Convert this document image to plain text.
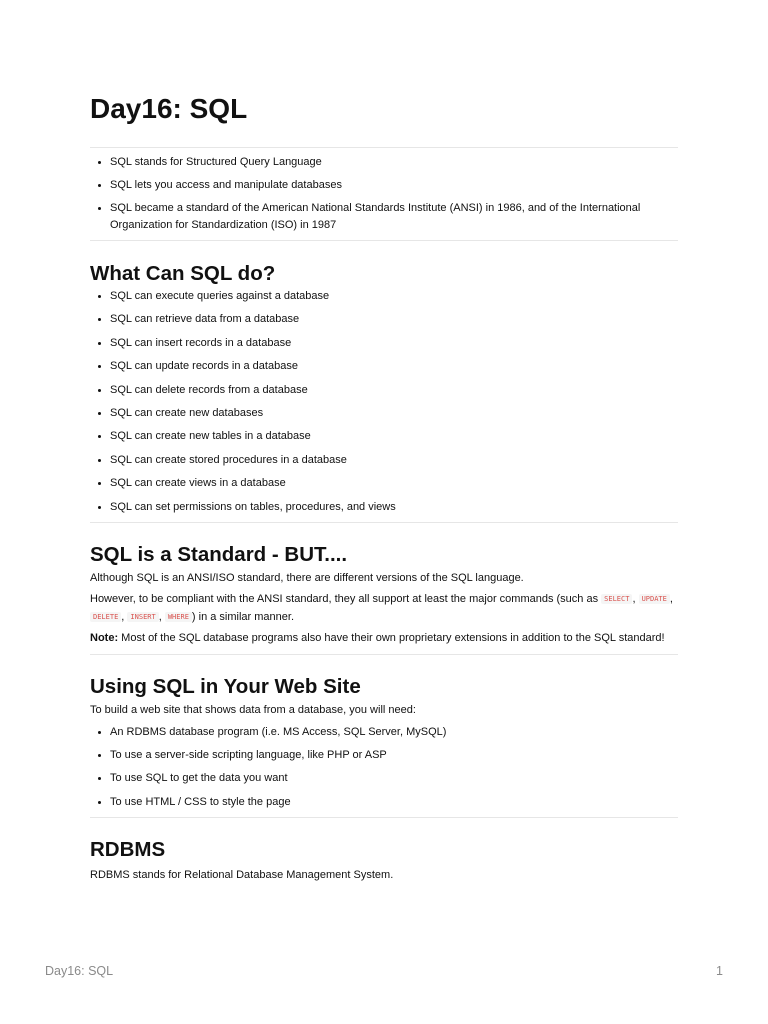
Day16: SQL
• SQL stands for Structured Query Language
• SQL lets you access and manipulate databases
• SQL became a standard of the American National Standards Institute (ANSI) in 1986, and of the International Organization for Standardization (ISO) in 1987
What Can SQL do?
• SQL can execute queries against a database
• SQL can retrieve data from a database
• SQL can insert records in a database
• SQL can update records in a database
• SQL can delete records from a database
• SQL can create new databases
• SQL can create new tables in a database
• SQL can create stored procedures in a database
• SQL can create views in a database
• SQL can set permissions on tables, procedures, and views
SQL is a Standard - BUT....

Although SQL is an ANSI/ISO standard, there are different versions of the SQL language.

However, to be compliant with the ANSI standard, they all support at least the major commands (such as SELECT , UPDATE , DELETE , INSERT , WHERE ) in a similar manner.

Note: Most of the SQL database programs also have their own proprietary extensions in addition to the SQL standard!

Using SQL in Your Web Site

To build a web site that shows data from a database, you will need:

• An RDBMS database program (i.e. MS Access, SQL Server, MySQL)
• To use a server-side scripting language, like PHP or ASP
• To use SQL to get the data you want
• To use HTML / CSS to style the page
RDBMS

RDBMS stands for Relational Database Management System.

Day16: SQL	1
